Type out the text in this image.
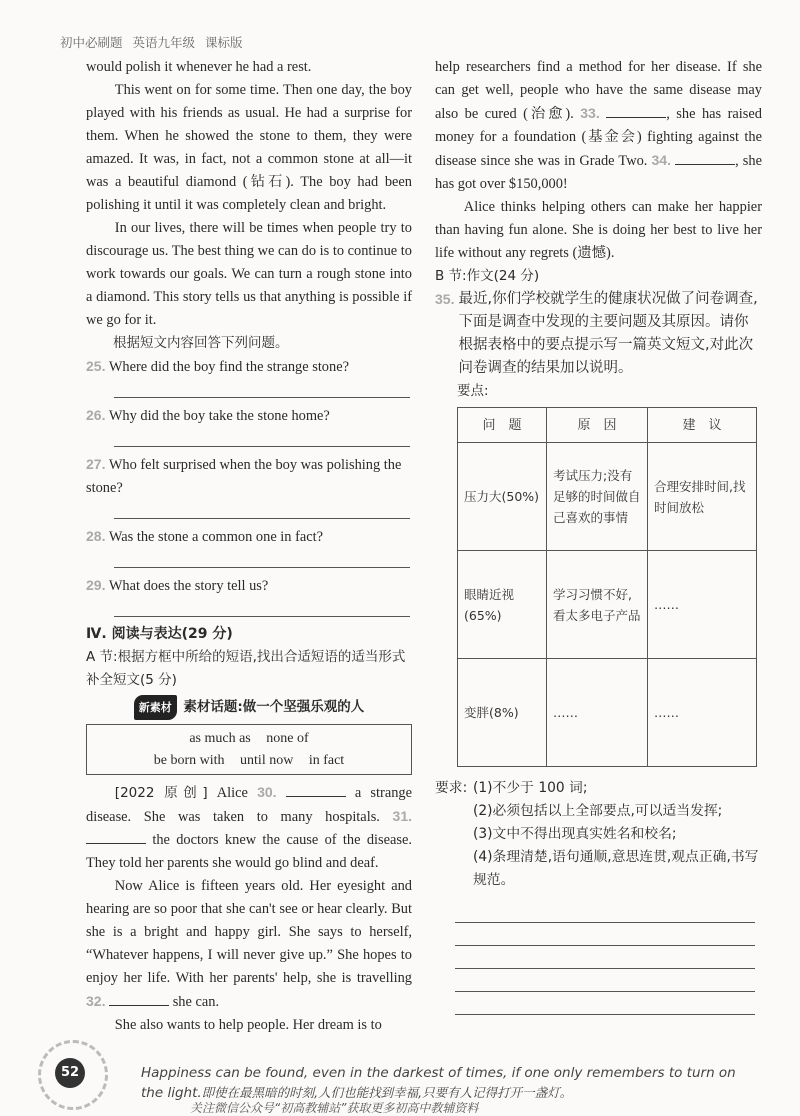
初中必刷题 英语九年级 课标版

would polish it whenever he had a rest.

This went on for some time. Then one day, the boy played with his friends as usual. He had a surprise for them. When he showed the stone to them, they were amazed. It was, in fact, not a common stone at all—it was a beautiful diamond (钻石). The boy had been polishing it until it was completely clean and bright.

In our lives, there will be times when people try to discourage us. The best thing we can do is to continue to work towards our goals. We can turn a rough stone into a diamond. This story tells us that anything is possible if we go for it.

根据短文内容回答下列问题。

25. Where did the boy find the strange stone?
26. Why did the boy take the stone home?
27. Who felt surprised when the boy was polishing the stone?
28. Was the stone a common one in fact?
29. What does the story tell us?
Ⅳ. 阅读与表达(29 分)
A 节:根据方框中所给的短语,找出合适短语的适当形式补全短文(5 分)
新素材 素材话题:做一个坚强乐观的人
as much as none of
be born with until now in fact

[2022 原创] Alice 30.	a strange disease. She was taken to many hospitals. 31.  the doctors knew the cause of the disease. They told her parents she would go blind and deaf.

Now Alice is fifteen years old. Her eyesight and hearing are so poor that she can't see or hear clearly. But she is a bright and happy girl. She says to herself, “Whatever happens, I will never give up.” She hopes to enjoy her life. With her parents' help, she is travelling 32.	she can.

She also wants to help people. Her dream is to

help researchers find a method for her disease. If she can get well, people who have the same disease may also be cured (治愈). 33.	, she has raised money for a foundation (基金会) fighting against the disease since she was in Grade Two. 34.	, she has got over $150,000!

Alice thinks helping others can make her happier than having fun alone. She is doing her best to live her life without any regrets (遗憾).

B 节:作文(24 分)
35. 最近,你们学校就学生的健康状况做了问卷调查,下面是调查中发现的主要问题及其原因。请你根据表格中的要点提示写一篇英文短文,对此次问卷调查的结果加以说明。
要点:
问　题	原　因	建　议
压力大(50%)	考试压力;没有足够的时间做自己喜欢的事情	合理安排时间,找时间放松
眼睛近视(65%)	学习习惯不好,看太多电子产品	……
变胖(8%)	……	……
要求: (1)不少于 100 词;
(2)必须包括以上全部要点,可以适当发挥;
(3)文中不得出现真实姓名和校名;
(4)条理清楚,语句通顺,意思连贯,观点正确,书写规范。
52	Happiness can be found, even in the darkest of times, if one only remembers to turn on the light.即使在最黑暗的时刻,人们也能找到幸福,只要有人记得打开一盏灯。
关注微信公众号“初高教辅站”获取更多初高中教辅资料
